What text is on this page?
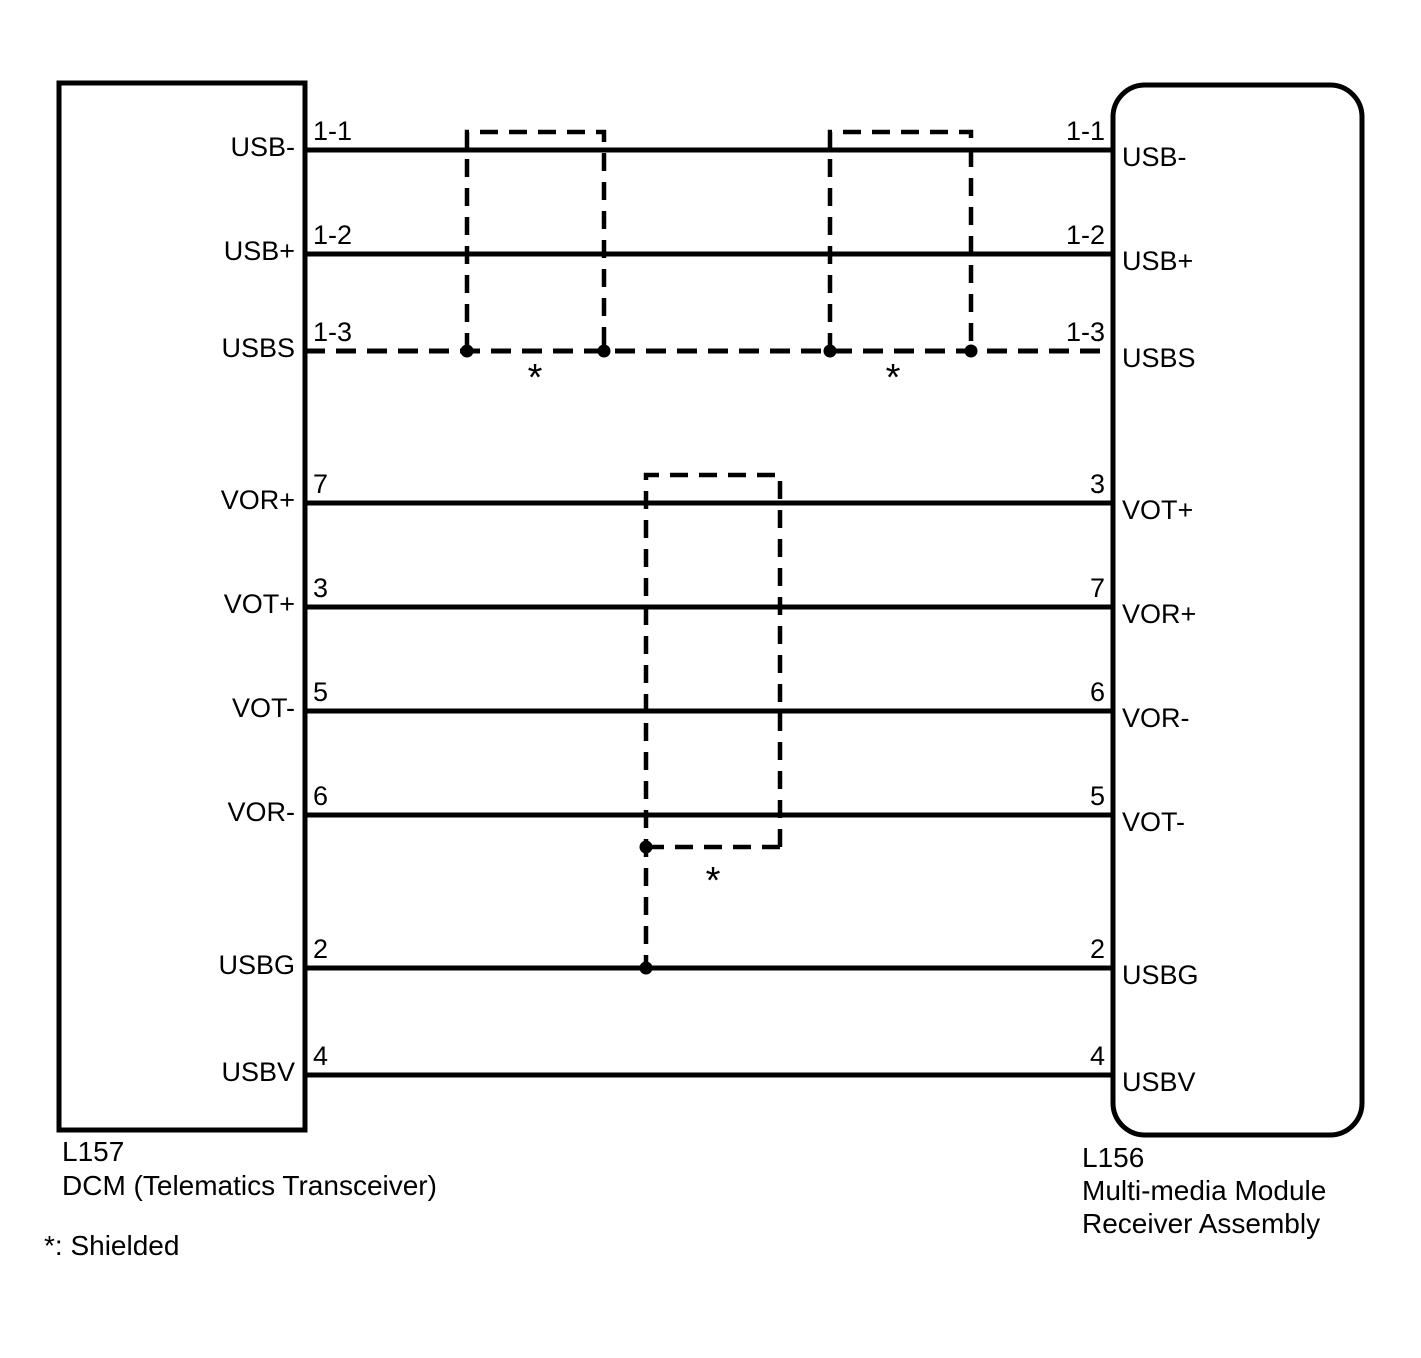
1-1
USB-
1-1
USB-
1-2
USB+
1-2
USB+
1-3
USBS
1-3
USBS
7
VOR+
3
VOT+
3
VOT+
7
VOR+
5
VOT-
6
VOR-
6
VOR-
5
VOT-
2
USBG
2
USBG
4
USBV
4
USBV
*	*
*
L157
DCM (Telematics Transceiver)
L156
Multi-media Module
Receiver Assembly
*: Shielded
